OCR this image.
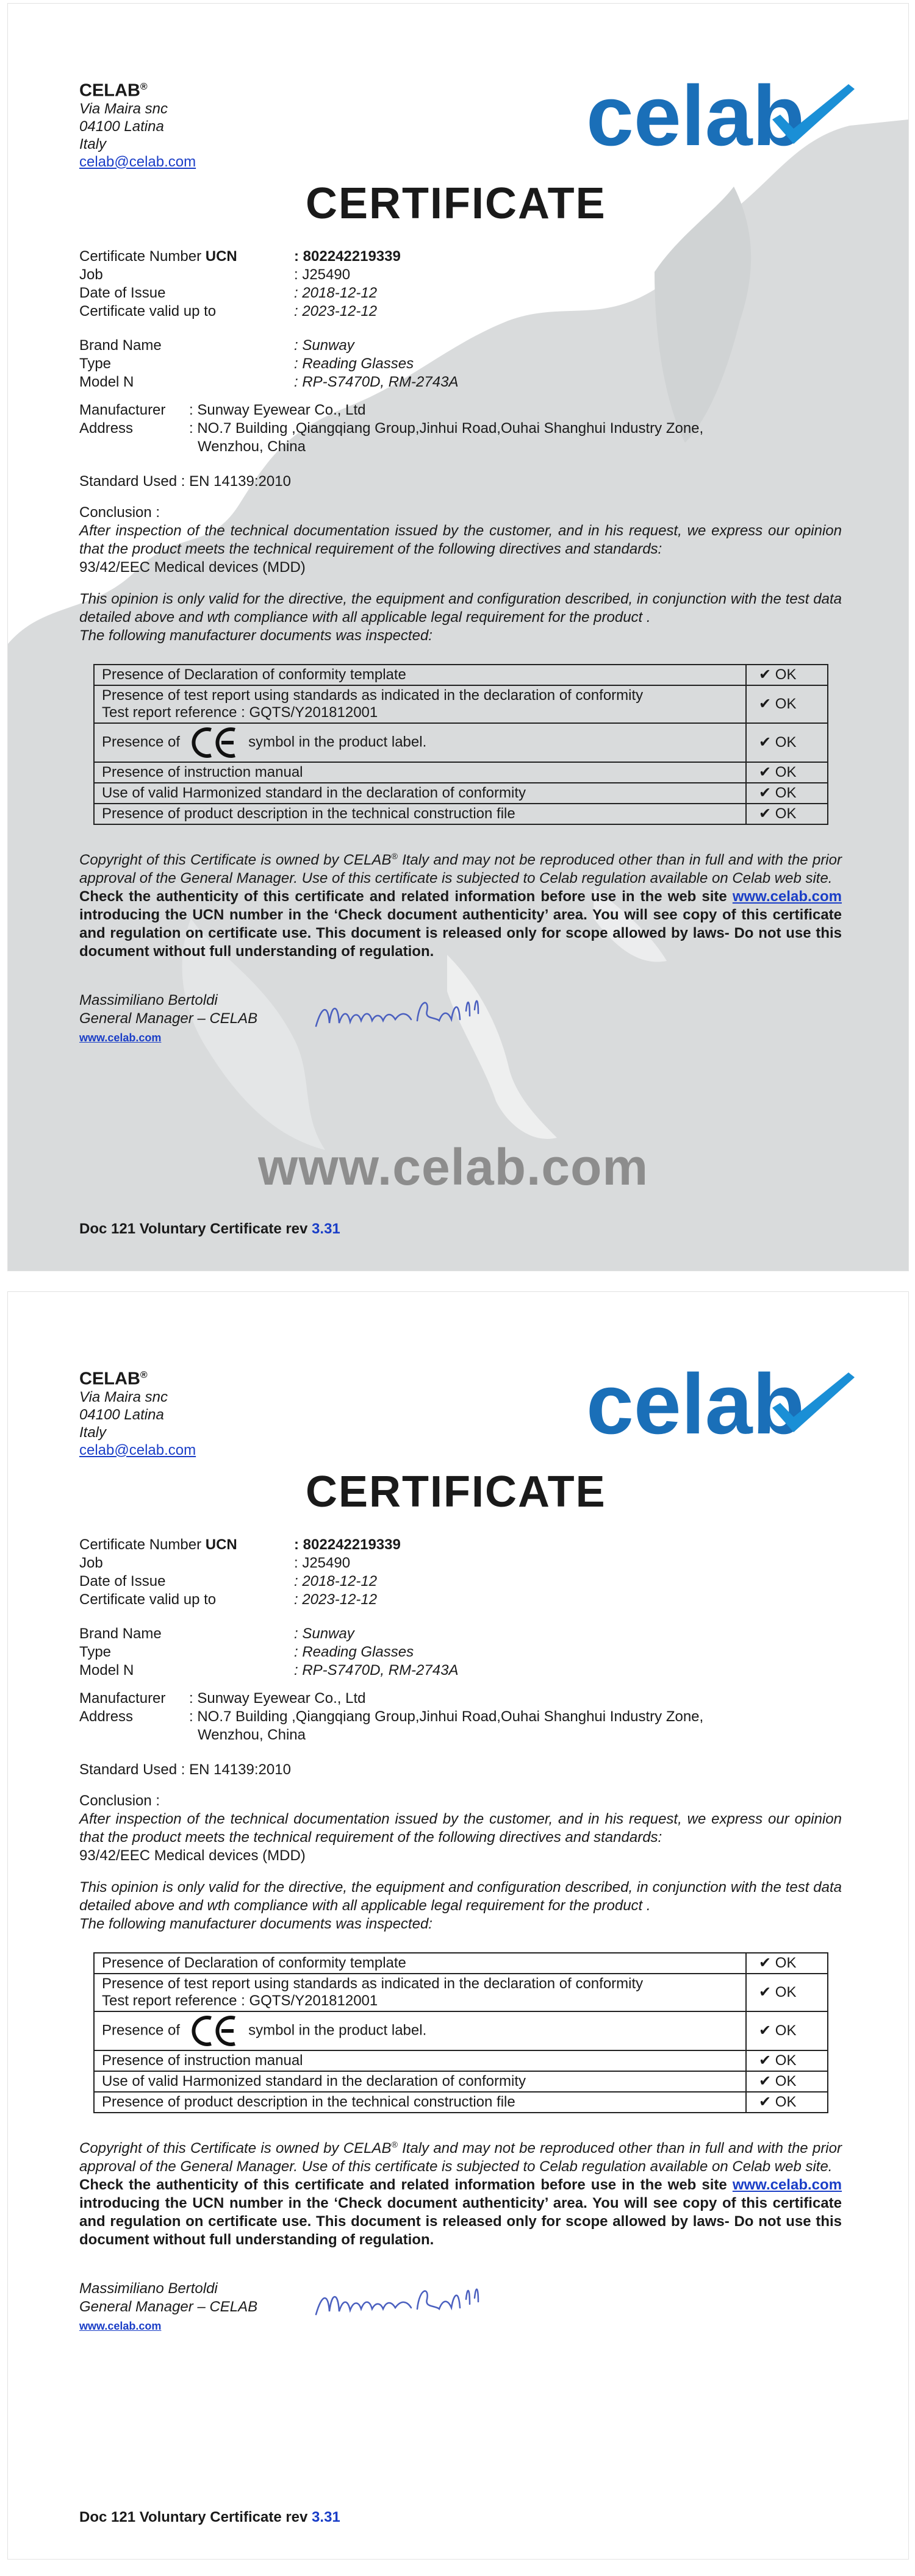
CELAB®
Via Maira snc
04100 Latina
Italy
celab@celab.com	celab
CERTIFICATE
Certificate Number UCN	: 802242219339
Job	: J25490
Date of Issue	: 2018-12-12
Certificate valid up to	: 2023-12-12
Brand Name	: Sunway
Type	: Reading Glasses
Model N	: RP-S7470D, RM-2743A
Manufacturer	: Sunway Eyewear Co., Ltd
Address	: NO.7 Building ,Qiangqiang Group,Jinhui Road,Ouhai Shanghui Industry Zone,
Wenzhou, China
Standard Used : EN 14139:2010
Conclusion :
After inspection of the technical documentation issued by the customer, and in his request, we express our opinion that the product meets the technical requirement of the following directives and standards:
93/42/EEC Medical devices (MDD)
This opinion is only valid for the directive, the equipment and configuration described, in conjunction with the test data detailed above and wth compliance with all applicable legal requirement for the product .
The following manufacturer documents was inspected:
Presence of Declaration of conformity template	✔ OK

Presence of test report using standards as indicated in the declaration of conformity
Test report reference : GQTS/Y201812001	✔ OK
Presence of symbol in the product label.	✔ OK
Presence of instruction manual	✔ OK
Use of valid Harmonized standard in the declaration of conformity	✔ OK
Presence of product description in the technical construction file	✔ OK
Copyright of this Certificate is owned by CELAB® Italy and may not be reproduced other than in full and with the prior approval of the General Manager. Use of this certificate is subjected to Celab regulation available on Celab web site.
Check the authenticity of this certificate and related information before use in the web site www.celab.com introducing the UCN number in the ‘Check document authenticity’ area. You will see copy of this certificate and regulation on certificate use. This document is released only for scope allowed by laws- Do not use this document without full understanding of regulation.
Massimiliano Bertoldi
General Manager – CELAB
www.celab.com
www.celab.com
Doc 121 Voluntary Certificate rev 3.31
CELAB®
Via Maira snc
04100 Latina
Italy
celab@celab.com	celab
CERTIFICATE
Certificate Number UCN	: 802242219339
Job	: J25490
Date of Issue	: 2018-12-12
Certificate valid up to	: 2023-12-12
Brand Name	: Sunway
Type	: Reading Glasses
Model N	: RP-S7470D, RM-2743A
Manufacturer	: Sunway Eyewear Co., Ltd
Address	: NO.7 Building ,Qiangqiang Group,Jinhui Road,Ouhai Shanghui Industry Zone,
Wenzhou, China
Standard Used : EN 14139:2010
Conclusion :
After inspection of the technical documentation issued by the customer, and in his request, we express our opinion that the product meets the technical requirement of the following directives and standards:
93/42/EEC Medical devices (MDD)
This opinion is only valid for the directive, the equipment and configuration described, in conjunction with the test data detailed above and wth compliance with all applicable legal requirement for the product .
The following manufacturer documents was inspected:
Presence of Declaration of conformity template	✔ OK

Presence of test report using standards as indicated in the declaration of conformity
Test report reference : GQTS/Y201812001	✔ OK
Presence of symbol in the product label.	✔ OK
Presence of instruction manual	✔ OK
Use of valid Harmonized standard in the declaration of conformity	✔ OK
Presence of product description in the technical construction file	✔ OK
Copyright of this Certificate is owned by CELAB® Italy and may not be reproduced other than in full and with the prior approval of the General Manager. Use of this certificate is subjected to Celab regulation available on Celab web site.
Check the authenticity of this certificate and related information before use in the web site www.celab.com introducing the UCN number in the ‘Check document authenticity’ area. You will see copy of this certificate and regulation on certificate use. This document is released only for scope allowed by laws- Do not use this document without full understanding of regulation.
Massimiliano Bertoldi
General Manager – CELAB
www.celab.com
Doc 121 Voluntary Certificate rev 3.31
